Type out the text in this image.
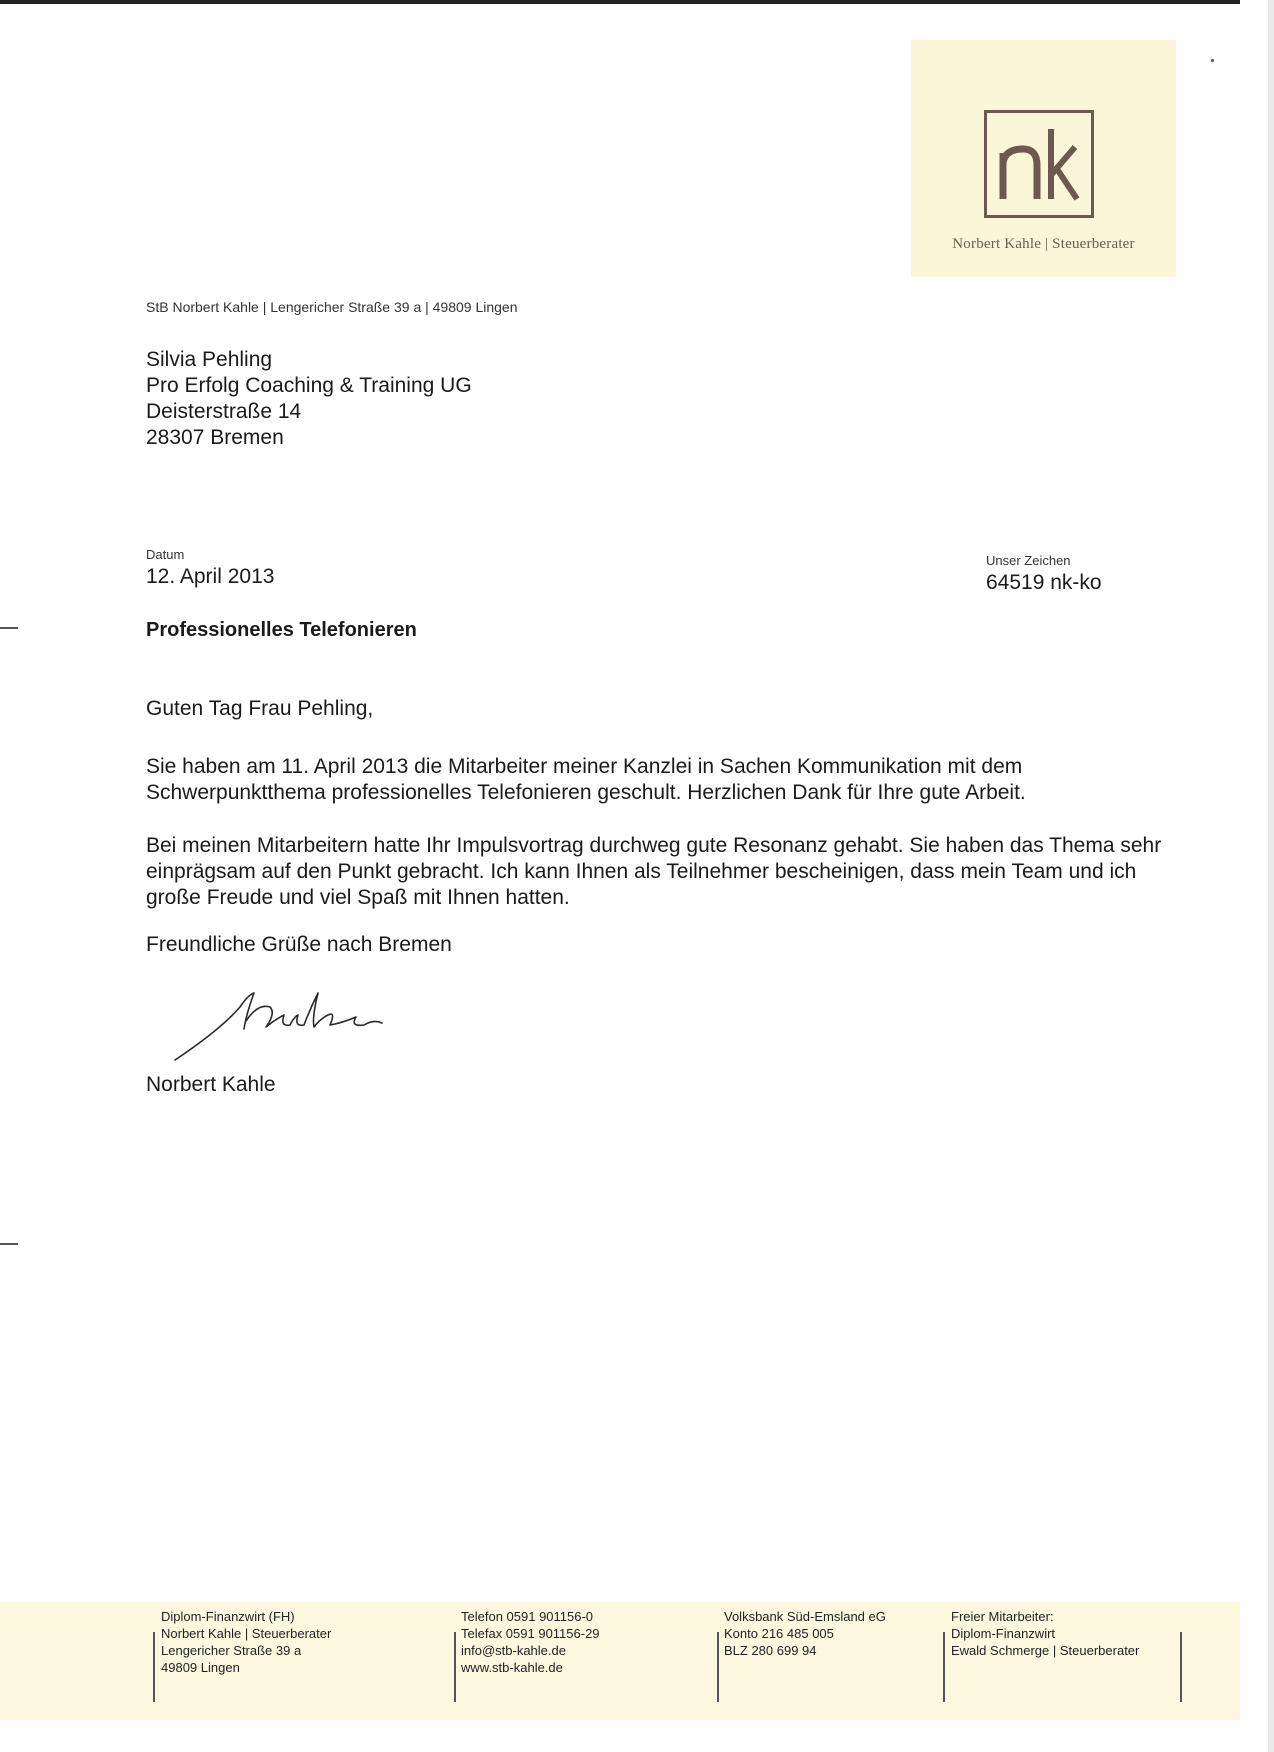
Norbert Kahle | Steuerberater
StB Norbert Kahle | Lengericher Straße 39 a | 49809 Lingen
Silvia Pehling
Pro Erfolg Coaching & Training UG
Deisterstraße 14
28307 Bremen
Datum
12. April 2013
Unser Zeichen
64519 nk-ko
Professionelles Telefonieren
Guten Tag Frau Pehling,
Sie haben am 11. April 2013 die Mitarbeiter meiner Kanzlei in Sachen Kommunikation mit dem Schwerpunktthema professionelles Telefonieren geschult. Herzlichen Dank für Ihre gute Arbeit.
Bei meinen Mitarbeitern hatte Ihr Impulsvortrag durchweg gute Resonanz gehabt. Sie haben das Thema sehr einprägsam auf den Punkt gebracht. Ich kann Ihnen als Teilnehmer bescheinigen, dass mein Team und ich große Freude und viel Spaß mit Ihnen hatten.
Freundliche Grüße nach Bremen
Norbert Kahle
Diplom-Finanzwirt (FH)
Norbert Kahle | Steuerberater
Lengericher Straße 39 a
49809 Lingen
Telefon 0591 901156-0
Telefax 0591 901156-29
info@stb-kahle.de
www.stb-kahle.de
Volksbank Süd-Emsland eG
Konto 216 485 005
BLZ 280 699 94
Freier Mitarbeiter:
Diplom-Finanzwirt
Ewald Schmerge | Steuerberater
